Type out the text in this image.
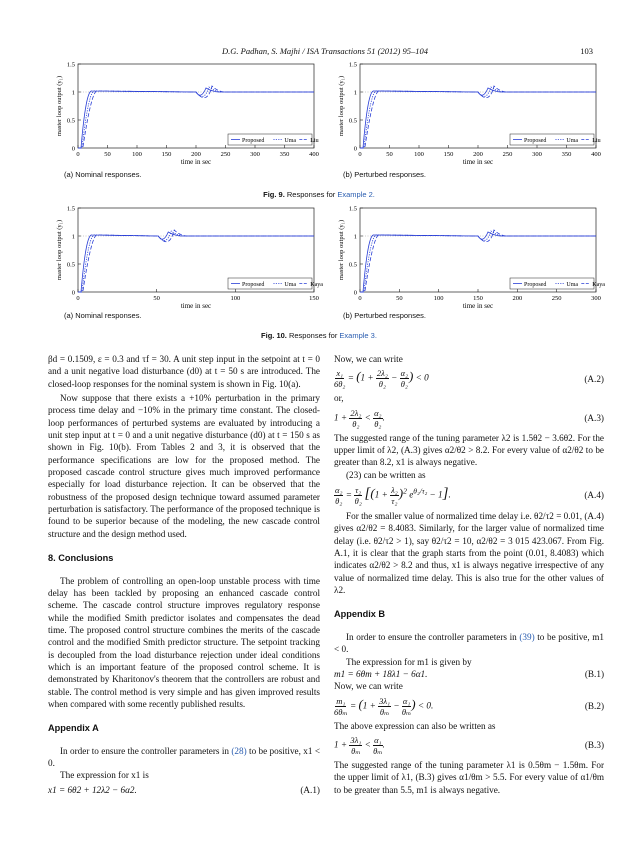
D.G. Padhan, S. Majhi / ISA Transactions 51 (2012) 95–104	103
0
0.5
1
1.5
0	50	100	150	200	250	300	350	400
time in sec
master loop output (y₁)
Proposed	Uma Liu
0
0.5
1
1.5
0	50	100	150	200	250	300	350	400
time in sec
master loop output (y₁)
Proposed	Uma Liu
(a) Nominal responses.	(b) Perturbed responses.
Fig. 9. Responses for Example 2.
0
0.5
1
1.5
0	50	100	150
time in sec
master loop output (y₁)
Proposed	Uma Kaya
0
0.5
1
1.5
0	50	100	150	200	250	300
time in sec
master loop output (y₁)
Proposed	Uma Kaya
(a) Nominal responses.	(b) Perturbed responses.
Fig. 10. Responses for Example 3.

βd = 0.1509, ε = 0.3 and τf = 30. A unit step input in the setpoint at t = 0 and a unit negative load disturbance (d0) at t = 50 s are introduced. The closed-loop responses for the nominal system is shown in Fig. 10(a).

Now suppose that there exists a +10% perturbation in the primary process time delay and −10% in the primary time constant. The closed-loop performances of perturbed systems are evaluated by introducing a unit step input at t = 0 and a unit negative disturbance (d0) at t = 150 s as shown in Fig. 10(b). From Tables 2 and 3, it is observed that the performance specifications are low for the proposed method. The proposed cascade control structure gives much improved performance especially for load disturbance rejection. It can be observed that the robustness of the proposed design technique toward assumed parameter perturbation is satisfactory. The performance of the proposed technique is found to be superior because of the modeling, the new cascade control structure and the design method used.

8. Conclusions

The problem of controlling an open-loop unstable process with time delay has been tackled by proposing an enhanced cascade control scheme. The cascade control structure improves regulatory response while the modified Smith predictor isolates and compensates the dead time. The proposed control structure combines the merits of the cascade control and the modified Smith predictor structure. The setpoint tracking is decoupled from the load disturbance rejection under ideal conditions which is an important feature of the proposed control scheme. It is demonstrated by Kharitonov's theorem that the controllers are robust and stable. The control method is very simple and has given improved results when compared with some recently published results.

Appendix A

In order to ensure the controller parameters in (28) to be positive, x1 < 0.

The expression for x1 is

x1 = 6θ2 + 12λ2 − 6α2.	(A.1)

Now, we can write

$\frac{\text{x₁}}{\text{6θ₂}} = (1 + \frac{\text{2λ₂}}{\text{θ₂}} - \frac{\text{α₂}}{\text{θ₂}}$ ) < 0	(A.2)

or,

$1 + \frac{\text{2λ₂}}{\text{θ₂}} < \frac{\text{α₂}}{\text{θ₂}}$ .	(A.3)

The suggested range of the tuning parameter λ2 is 1.5θ2 − 3.6θ2. For the upper limit of λ2, (A.3) gives α2/θ2 > 8.2. For every value of α2/θ2 to be greater than 8.2, x1 is always negative.

(23) can be written as

$\frac{\text{α₂}}{\text{θ₂}} = \frac{\text{τ₂}}{\text{θ₂}} [(1 + \frac{\text{λ₂}}{\text{τ₂}} )^2$ $e^{\theta_2/\tau_2} - 1$].	(A.4)

For the smaller value of normalized time delay i.e. θ2/τ2 = 0.01, (A.4) gives α2/θ2 = 8.4083. Similarly, for the larger value of normalized time delay (i.e. θ2/τ2 > 1), say θ2/τ2 = 10, α2/θ2 = 3 015 423.067. From Fig. A.1, it is clear that the graph starts from the point (0.01, 8.4083) which indicates α2/θ2 > 8.2 and thus, x1 is always negative irrespective of any value of normalized time delay. This is also true for the other values of λ2.

Appendix B

In order to ensure the controller parameters in (39) to be positive, m1 < 0.

The expression for m1 is given by

m1 = 6θm + 18λ1 − 6α1.	(B.1)

Now, we can write

$\frac{\text{m₁}}{\text{6θₘ}} = (1 + \frac{\text{3λ₁}}{\text{θₘ}} - \frac{\text{α₁}}{\text{θₘ}}$ ) < 0.	(B.2)

The above expression can also be written as

$1 + \frac{\text{3λ₁}}{\text{θₘ}} < \frac{\text{α₁}}{\text{θₘ}}$ .	(B.3)

The suggested range of the tuning parameter λ1 is 0.5θm − 1.5θm. For the upper limit of λ1, (B.3) gives α1/θm > 5.5. For every value of α1/θm to be greater than 5.5, m1 is always negative.
